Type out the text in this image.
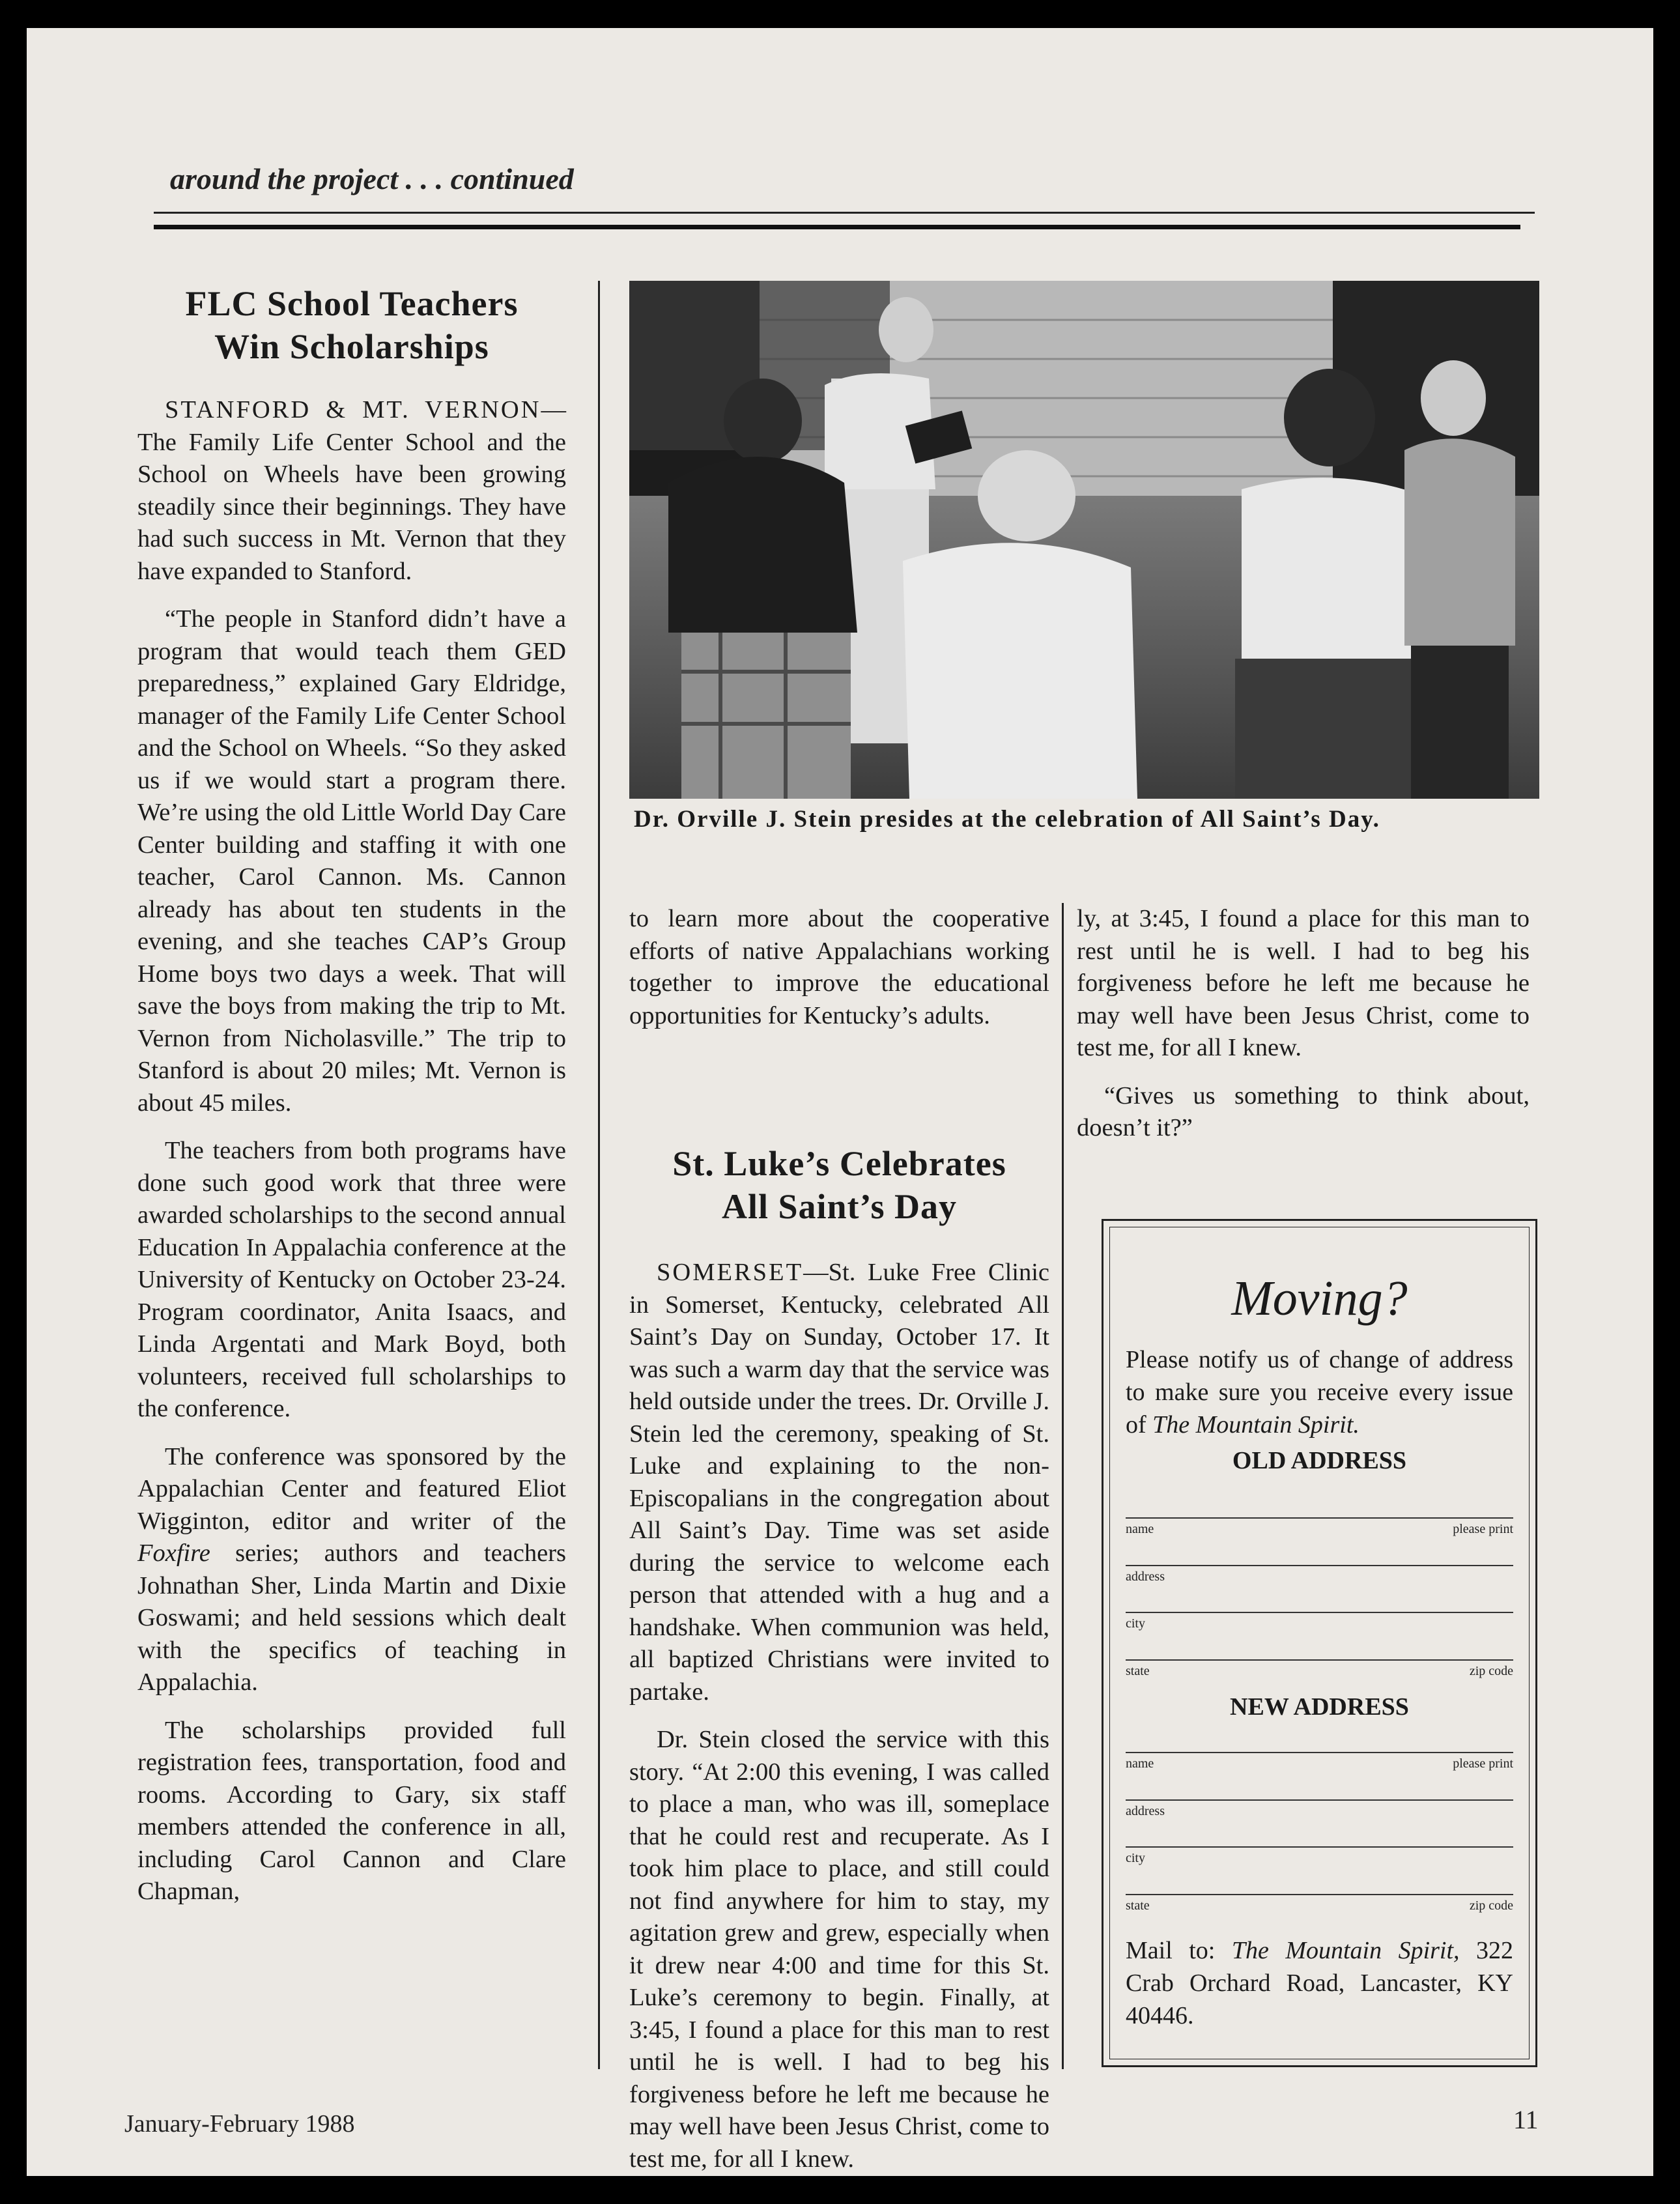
around the project . . . continued
FLC School Teachers
Win Scholarships

STANFORD & MT. VERNON—The Family Life Center School and the School on Wheels have been growing steadily since their beginnings. They have had such success in Mt. Vernon that they have expanded to Stanford.

“The people in Stanford didn’t have a program that would teach them GED preparedness,” explained Gary Eldridge, manager of the Family Life Center School and the School on Wheels. “So they asked us if we would start a program there. We’re using the old Little World Day Care Center building and staffing it with one teacher, Carol Cannon. Ms. Cannon already has about ten students in the evening, and she teaches CAP’s Group Home boys two days a week. That will save the boys from making the trip to Mt. Vernon from Nicholasville.” The trip to Stanford is about 20 miles; Mt. Vernon is about 45 miles.

The teachers from both programs have done such good work that three were awarded scholarships to the second annual Education In Appalachia conference at the University of Kentucky on October 23-24. Program coordinator, Anita Isaacs, and Linda Argentati and Mark Boyd, both volunteers, received full scholarships to the conference.

The conference was sponsored by the Appalachian Center and featured Eliot Wigginton, editor and writer of the Foxfire series; authors and teachers Johnathan Sher, Linda Martin and Dixie Goswami; and held sessions which dealt with the specifics of teaching in Appalachia.

The scholarships provided full registration fees, transportation, food and rooms. According to Gary, six staff members attended the conference in all, including Carol Cannon and Clare Chapman,

Dr. Orville J. Stein presides at the celebration of All Saint’s Day.

to learn more about the cooperative efforts of native Appalachians working together to improve the educational opportunities for Kentucky’s adults.

St. Luke’s Celebrates
All Saint’s Day

SOMERSET—St. Luke Free Clinic in Somerset, Kentucky, celebrated All Saint’s Day on Sunday, October 17. It was such a warm day that the service was held outside under the trees. Dr. Orville J. Stein led the ceremony, speaking of St. Luke and explaining to the non-Episcopalians in the congregation about All Saint’s Day. Time was set aside during the service to welcome each person that attended with a hug and a handshake. When communion was held, all baptized Christians were invited to partake.

Dr. Stein closed the service with this story. “At 2:00 this evening, I was called to place a man, who was ill, someplace that he could rest and recuperate. As I took him place to place, and still could not find anywhere for him to stay, my agitation grew and grew, especially when it drew near 4:00 and time for this St. Luke’s ceremony to begin. Finally, at 3:45, I found a place for this man to rest until he is well. I had to beg his forgiveness before he left me because he may well have been Jesus Christ, come to test me, for all I knew.

ly, at 3:45, I found a place for this man to rest until he is well. I had to beg his forgiveness before he left me because he may well have been Jesus Christ, come to test me, for all I knew.

“Gives us something to think about, doesn’t it?”

Moving?
Please notify us of change of address to make sure you receive every issue of The Mountain Spirit.
OLD ADDRESS
name	please print
address
city
state	zip code
NEW ADDRESS
name	please print
address
city
state	zip code
Mail to: The Mountain Spirit, 322 Crab Orchard Road, Lancaster, KY 40446.
January-February 1988	11
